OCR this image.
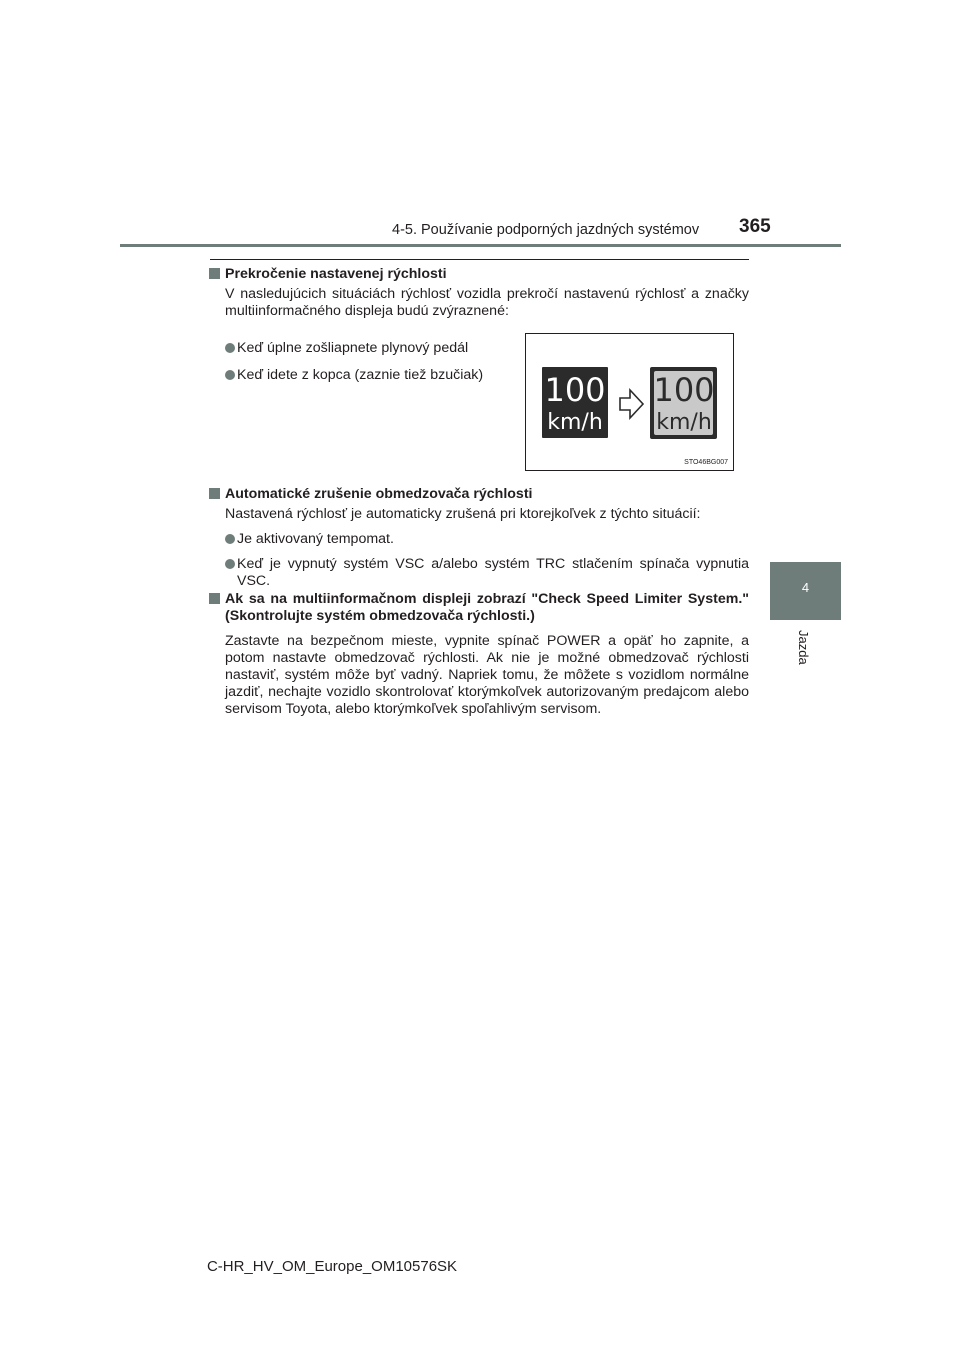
4-5. Používanie podporných jazdných systémov 365
4
Jazda
Prekročenie nastavenej rýchlosti
V nasledujúcich situáciách rýchlosť vozidla prekročí nastavenú rýchlosť a značky multiinformačného displeja budú zvýraznené:
Keď úplne zošliapnete plynový pedál
Keď idete z kopca (zaznie tiež bzučiak)
Automatické zrušenie obmedzovača rýchlosti
Nastavená rýchlosť je automaticky zrušená pri ktorejkoľvek z týchto situácií:
Je aktivovaný tempomat.
Keď je vypnutý systém VSC a/alebo systém TRC stlačením spínača vypnutia VSC.
Ak sa na multiinformačnom displeji zobrazí "Check Speed Limiter System." (Skontrolujte systém obmedzovača rýchlosti.)
Zastavte na bezpečnom mieste, vypnite spínač POWER a opäť ho zapnite, a potom nastavte obmedzovač rýchlosti. Ak nie je možné obmedzovač rýchlosti nastaviť, systém môže byť vadný. Napriek tomu, že môžete s vozidlom normálne jazdiť, nechajte vozidlo skontrolovať ktorýmkoľvek autorizovaným predajcom alebo servisom Toyota, alebo ktorýmkoľvek spoľahlivým servisom.
100
km/h
100
km/h
STO46BG007
C-HR_HV_OM_Europe_OM10576SK
